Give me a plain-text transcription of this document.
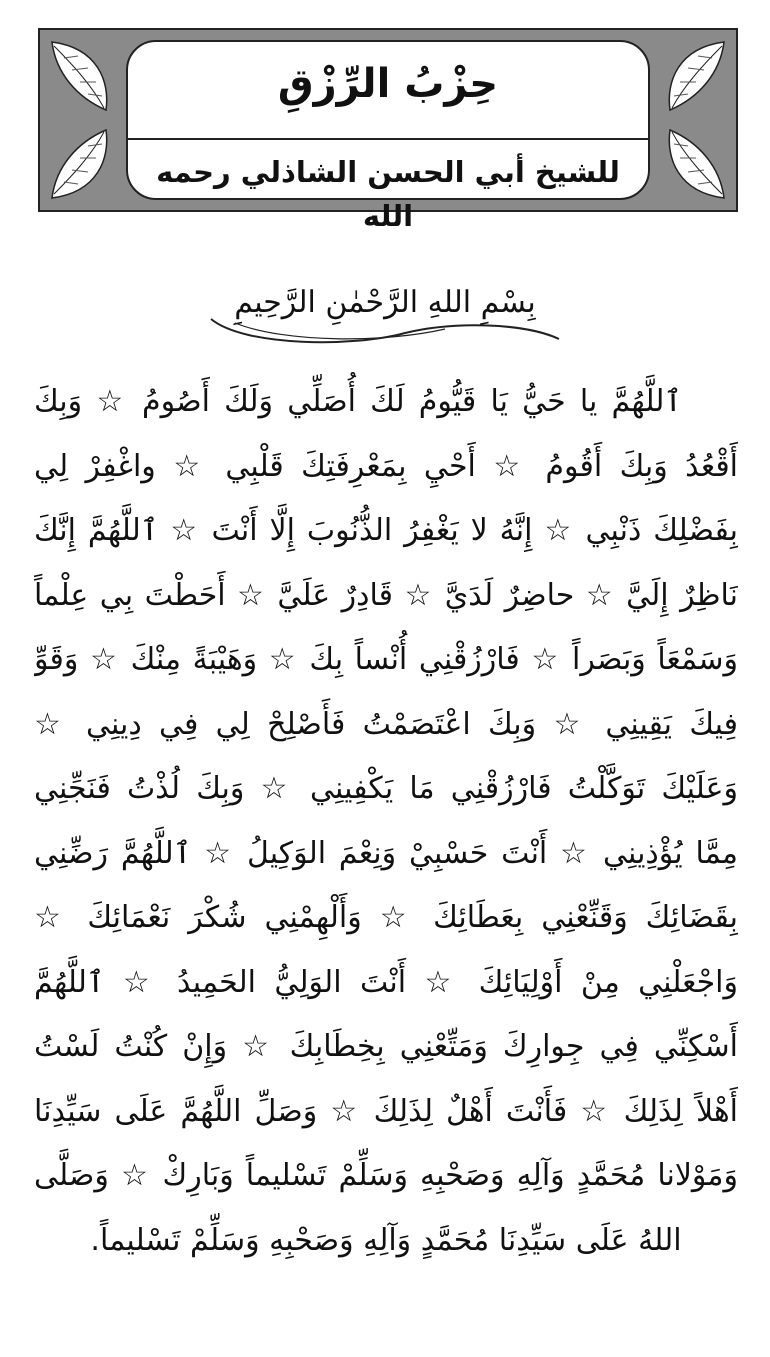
حِزْبُ الرِّزْقِ
للشيخ أبي الحسن الشاذلي رحمه الله
بِسْمِ اللهِ الرَّحْمٰنِ الرَّحِيمِ
ٱللَّهُمَّ يا حَيُّ يَا قَيُّومُ لَكَ أُصَلِّي وَلَكَ أَصُومُ ☆ وَبِكَ
أَقْعُدُ وَبِكَ أَقُومُ ☆ أَحْيِ بِمَعْرِفَتِكَ قَلْبِي ☆ واغْفِرْ لِي
بِفَضْلِكَ ذَنْبِي ☆ إِنَّهُ لا يَغْفِرُ الذُّنُوبَ إِلَّا أَنْتَ ☆ ٱللَّهُمَّ إِنَّكَ
نَاظِرٌ إِلَيَّ ☆ حاضِرٌ لَدَيَّ ☆ قَادِرٌ عَلَيَّ ☆ أَحَطْتَ بِي عِلْماً
وَسَمْعَاً وَبَصَراً ☆ فَارْزُقْنِي أُنْساً بِكَ ☆ وَهَيْبَةً مِنْكَ ☆ وَقَوِّ
فِيكَ يَقِينِي ☆ وَبِكَ اعْتَصَمْتُ فَأَصْلِحْ لِي فِي دِينِي ☆
وَعَلَيْكَ تَوَكَّلْتُ فَارْزُقْنِي مَا يَكْفِينِي ☆ وَبِكَ لُذْتُ فَنَجِّنِي
مِمَّا يُؤْذِينِي ☆ أَنْتَ حَسْبِيْ وَنِعْمَ الوَكِيلُ ☆ ٱللَّهُمَّ رَضِّنِي
بِقَضَائِكَ وَقَنِّعْنِي بِعَطَائِكَ ☆ وَأَلْهِمْنِي شُكْرَ نَعْمَائِكَ ☆
وَاجْعَلْنِي مِنْ أَوْلِيَائِكَ ☆ أَنْتَ الوَلِيُّ الحَمِيدُ ☆ ٱللَّهُمَّ
أَسْكِنِّي فِي جِوارِكَ وَمَتِّعْنِي بِخِطَابِكَ ☆ وَإِنْ كُنْتُ لَسْتُ
أَهْلاً لِذَلِكَ ☆ فَأَنْتَ أَهْلٌ لِذَلِكَ ☆ وَصَلِّ اللَّهُمَّ عَلَى سَيِّدِنَا
وَمَوْلانا مُحَمَّدٍ وَآلِهِ وَصَحْبِهِ وَسَلِّمْ تَسْليماً وَبَارِكْ ☆ وَصَلَّى
اللهُ عَلَى سَيِّدِنَا مُحَمَّدٍ وَآلِهِ وَصَحْبِهِ وَسَلِّمْ تَسْليماً.
